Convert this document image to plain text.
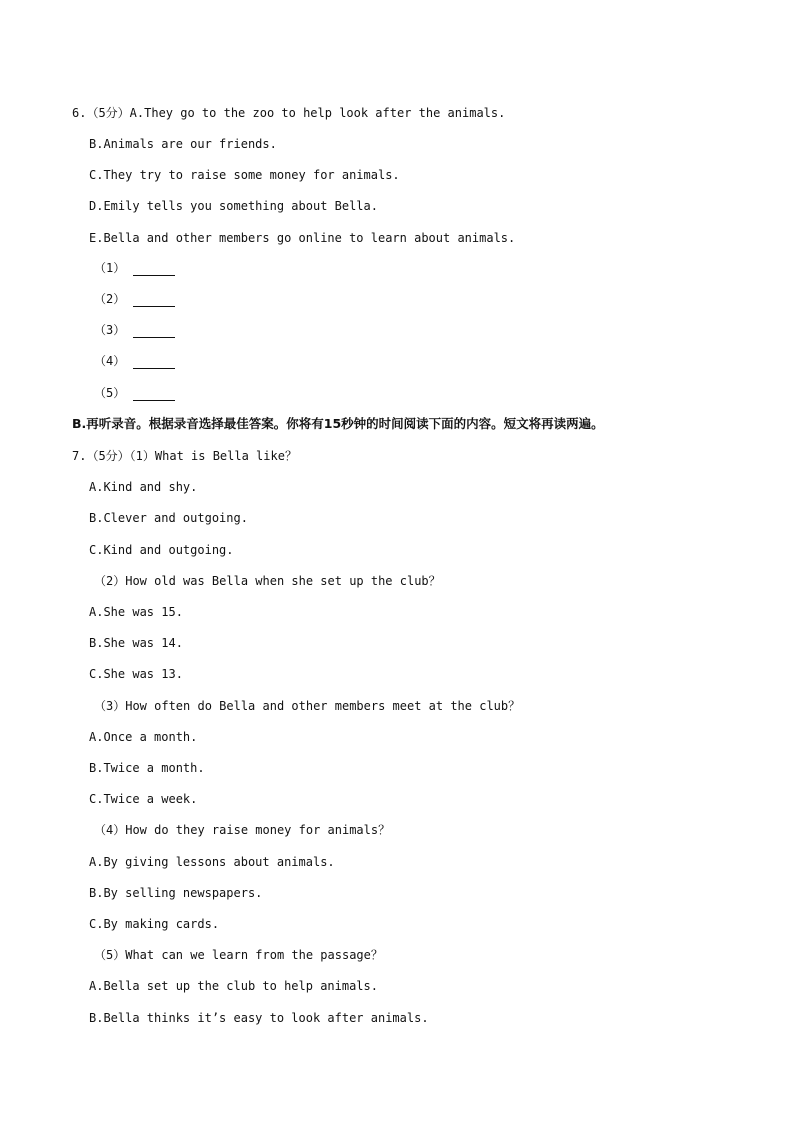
6.（5分）A.They go to the zoo to help look after the animals.
B.Animals are our friends.
C.They try to raise some money for animals.
D.Emily tells you something about Bella.
E.Bella and other members go online to learn about animals.
（1）
（2）
（3）
（4）
（5）
B.再听录音。根据录音选择最佳答案。你将有15秒钟的时间阅读下面的内容。短文将再读两遍。
7.（5分）（1）What is Bella like？
A.Kind and shy.
B.Clever and outgoing.
C.Kind and outgoing.
（2）How old was Bella when she set up the club？
A.She was 15.
B.She was 14.
C.She was 13.
（3）How often do Bella and other members meet at the club？
A.Once a month.
B.Twice a month.
C.Twice a week.
（4）How do they raise money for animals？
A.By giving lessons about animals.
B.By selling newspapers.
C.By making cards.
（5）What can we learn from the passage？
A.Bella set up the club to help animals.
B.Bella thinks it’s easy to look after animals.
